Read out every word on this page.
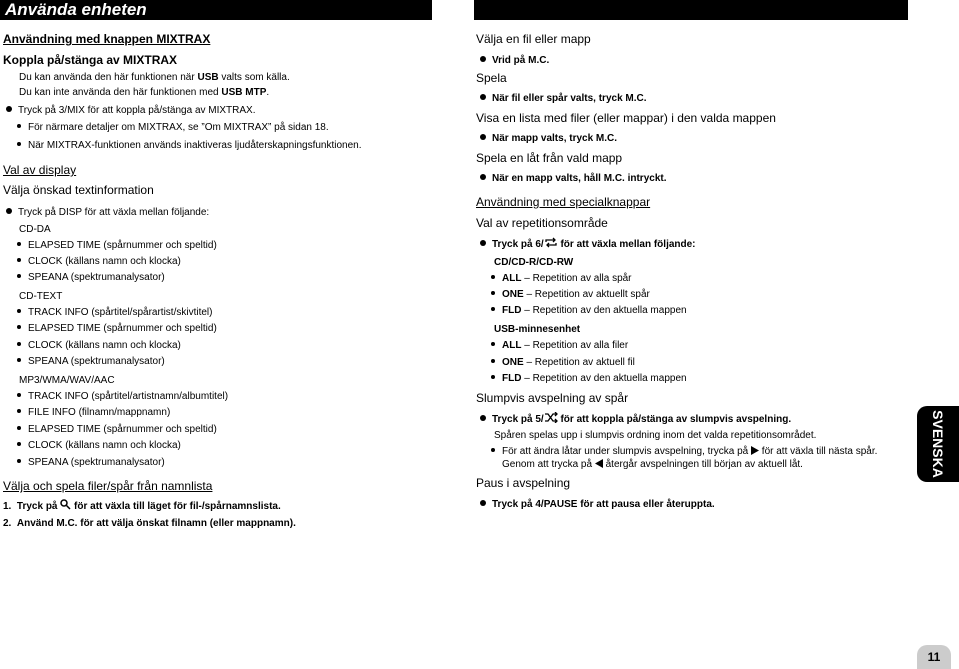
Använda enheten
Användning med knappen MIXTRAX
Koppla på/stänga av MIXTRAX
Du kan använda den här funktionen när USB valts som källa.
Du kan inte använda den här funktionen med USB MTP.
Tryck på 3/MIX för att koppla på/stänga av MIXTRAX.
För närmare detaljer om MIXTRAX, se ”Om MIXTRAX” på sidan 18.
När MIXTRAX-funktionen används inaktiveras ljudåterskapningsfunktionen.
Val av display
Välja önskad textinformation
Tryck på DISP för att växla mellan följande:
CD-DA
ELAPSED TIME (spårnummer och speltid)
CLOCK (källans namn och klocka)
SPEANA (spektrumanalysator)
CD-TEXT
TRACK INFO (spårtitel/spårartist/skivtitel)
ELAPSED TIME (spårnummer och speltid)
CLOCK (källans namn och klocka)
SPEANA (spektrumanalysator)
MP3/WMA/WAV/AAC
TRACK INFO (spårtitel/artistnamn/albumtitel)
FILE INFO (filnamn/mappnamn)
ELAPSED TIME (spårnummer och speltid)
CLOCK (källans namn och klocka)
SPEANA (spektrumanalysator)
Välja och spela filer/spår från namnlista
1. Tryck på  för att växla till läget för fil-/spårnamnslista.
2. Använd M.C. för att välja önskat filnamn (eller mappnamn).
Välja en fil eller mapp
Vrid på M.C.
Spela
När fil eller spår valts, tryck M.C.
Visa en lista med filer (eller mappar) i den valda mappen
När mapp valts, tryck M.C.
Spela en låt från vald mapp
När en mapp valts, håll M.C. intryckt.
Användning med specialknappar
Val av repetitionsområde
Tryck på 6/ för att växla mellan följande:
CD/CD-R/CD-RW
ALL – Repetition av alla spår
ONE – Repetition av aktuellt spår
FLD – Repetition av den aktuella mappen
USB-minnesenhet
ALL – Repetition av alla filer
ONE – Repetition av aktuell fil
FLD – Repetition av den aktuella mappen
Slumpvis avspelning av spår
Tryck på 5/ för att koppla på/stänga av slumpvis avspelning.
Spåren spelas upp i slumpvis ordning inom det valda repetitionsområdet.
För att ändra låtar under slumpvis avspelning, trycka på  för att växla till nästa spår.
Genom att trycka på  återgår avspelningen till början av aktuell låt.
Paus i avspelning
Tryck på 4/PAUSE för att pausa eller återuppta.
SVENSKA
11
